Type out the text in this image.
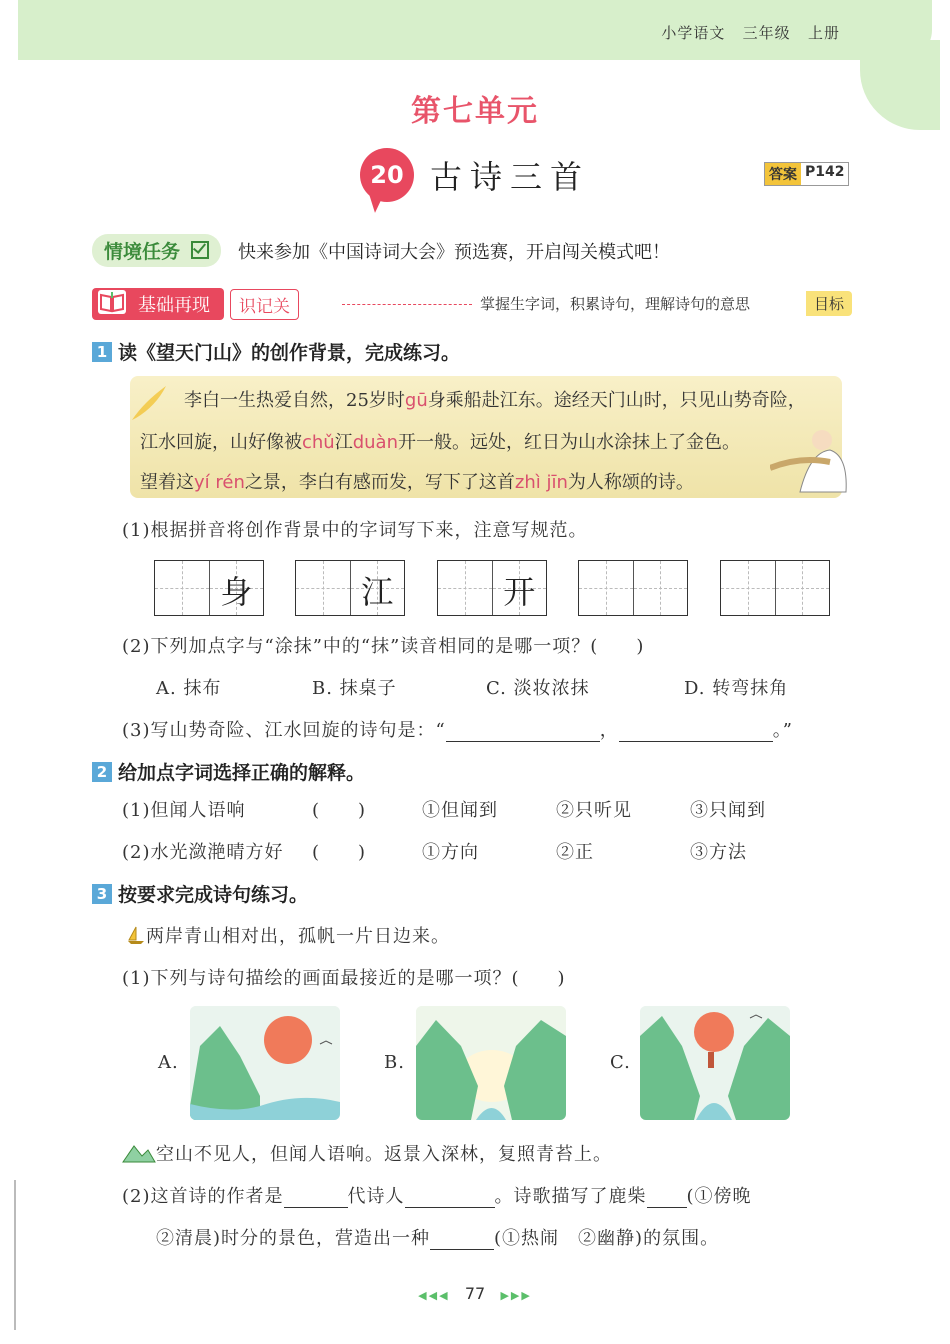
小学语文 三年级 上册
第七单元
20 古诗三首	答案 P142
情境任务	快来参加《中国诗词大会》预选赛，开启闯关模式吧！
基础再现	识记关	掌握生字词，积累诗句，理解诗句的意思	目标
1 读《望天门山》的创作背景，完成练习。
李白一生热爱自然，25岁时gū身乘船赴江东。途经天门山时，只见山势奇险，
江水回旋，山好像被chǔ江duàn开一般。远处，红日为山水涂抹上了金色。
望着这yí rén之景，李白有感而发，写下了这首zhì jīn为人称颂的诗。
(1)根据拼音将创作背景中的字词写下来，注意写规范。
身	江	开
(2)下列加点字与“涂抹”中的“抹”读音相同的是哪一项？(　　)
A. 抹布	B. 抹桌子	C. 淡妆浓抹	D. 转弯抹角
(3)写山势奇险、江水回旋的诗句是：“	，	。”
2 给加点字词选择正确的解释。
(1)但闻人语响	(　　)	①但闻到	②只听见	③只闻到
(2)水光潋滟晴方好 (　　)	①方向	②正	③方法
3 按要求完成诗句练习。
两岸青山相对出，孤帆一片日边来。
(1)下列与诗句描绘的画面最接近的是哪一项？(　　)
A.	B.	C.
空山不见人，但闻人语响。返景入深林，复照青苔上。
(2)这首诗的作者是	代诗人	。诗歌描写了鹿柴 (①傍晚
②清晨)时分的景色，营造出一种	(①热闹　②幽静)的氛围。
◀◀◀ 77 ▶▶▶
